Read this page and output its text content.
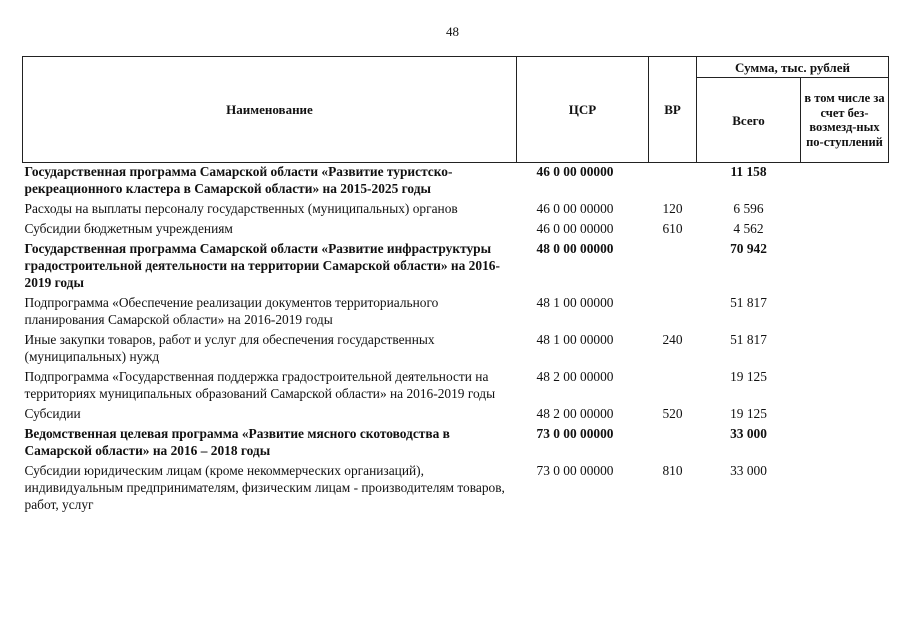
48
Наименование	ЦСР	ВР	Сумма, тыс. рублей	
			Всего	в том числе за счет без-возмезд-ных по-ступлений
Государственная программа Самарской области «Развитие туристско-рекреационного кластера в Самарской области» на 2015-2025 годы	46 0 00 00000		11 158	
Расходы на выплаты персоналу государственных (муниципальных) органов	46 0 00 00000	120	6 596	
Субсидии бюджетным учреждениям	46 0 00 00000	610	4 562	
Государственная программа Самарской области «Развитие инфраструктуры градостроительной деятельности на территории Самарской области» на 2016-2019 годы	48 0 00 00000		70 942	
Подпрограмма «Обеспечение реализации документов территориального планирования Самарской области» на 2016-2019 годы	48 1 00 00000		51 817	
Иные закупки товаров, работ и услуг для обеспечения государственных (муниципальных) нужд	48 1 00 00000	240	51 817	
Подпрограмма «Государственная поддержка градостроительной деятельности на территориях муниципальных образований Самарской области» на 2016-2019 годы	48 2 00 00000		19 125	
Субсидии	48 2 00 00000	520	19 125	
Ведомственная целевая программа «Развитие мясного скотоводства в Самарской области» на 2016 – 2018 годы	73 0 00 00000		33 000	
Субсидии юридическим лицам (кроме некоммерческих организаций), индивидуальным предпринимателям, физическим лицам - производителям товаров, работ, услуг	73 0 00 00000	810	33 000	
